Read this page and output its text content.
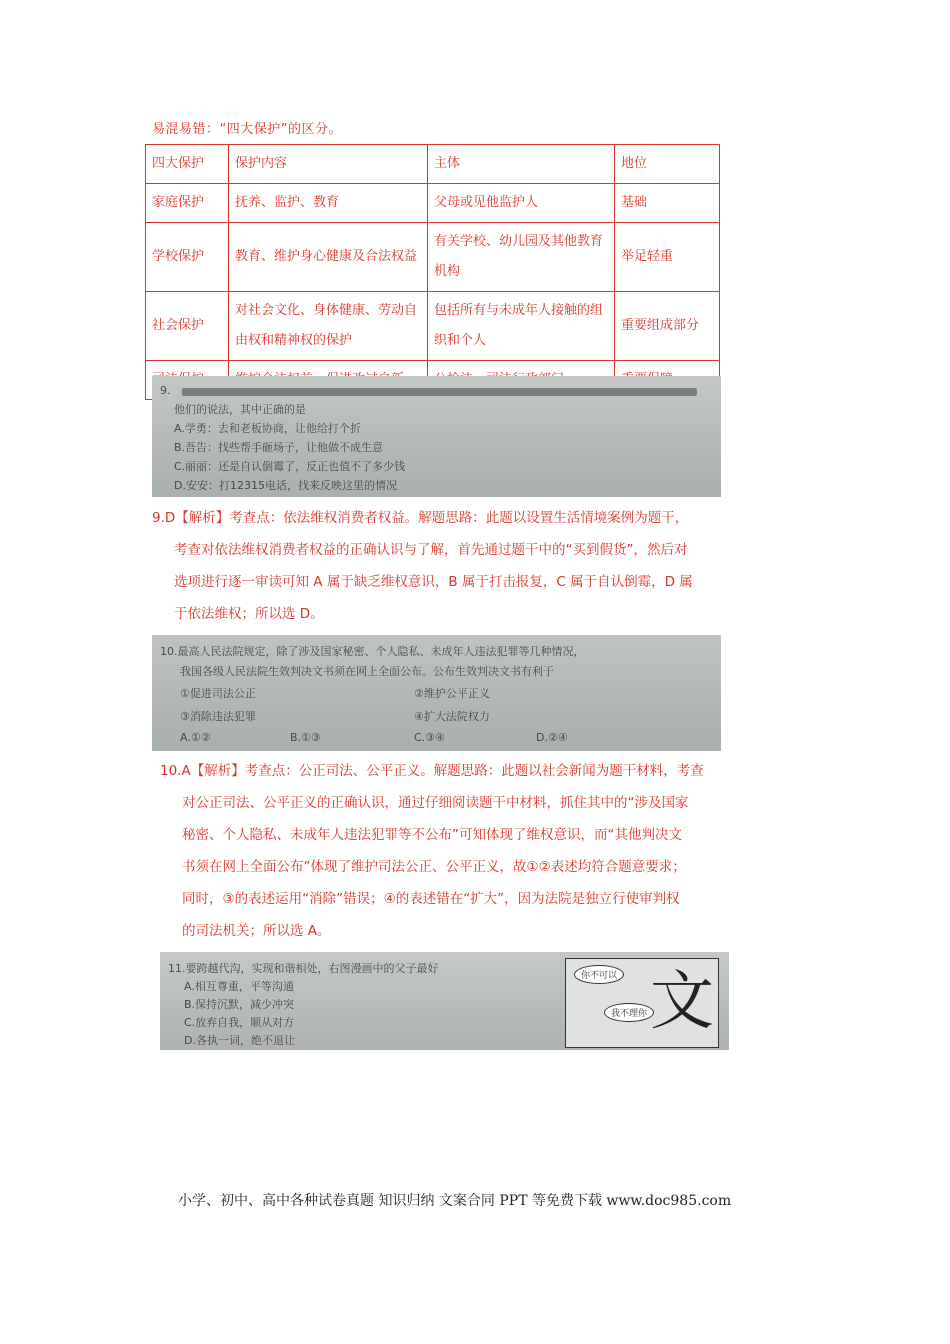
易混易错：“四大保护”的区分。
四大保护	保护内容	主体	地位
家庭保护	抚养、监护、教育	父母或见他监护人	基础
学校保护	教育、维护身心健康及合法权益	有关学校、幼儿园及其他教育机构	举足轻重
社会保护	对社会文化、身体健康、劳动自由权和精神权的保护	包括所有与未成年人接触的组织和个人	重要组成部分

9.
他们的说法，其中正确的是
A.学勇：去和老板协商，让他给打个折
B.吾告：找些帮手砸场子，让他做不成生意
C.丽丽：还是自认倒霉了，反正也值不了多少钱
D.安安：打12315电话，找来反映这里的情况

9.D【解析】考查点：依法维权消费者权益。解题思路：此题以设置生活情境案例为题干，

考查对依法维权消费者权益的正确认识与了解，首先通过题干中的“买到假货”，然后对

选项进行逐一审读可知 A 属于缺乏维权意识，B 属于打击报复，C 属于自认倒霉，D 属

于依法维权；所以选 D。

10.最高人民法院规定，除了涉及国家秘密、个人隐私、未成年人违法犯罪等几种情况，
我国各级人民法院生效判决文书须在网上全面公布。公布生效判决文书有利于
①促进司法公正	②维护公平正义
③消除违法犯罪	④扩大法院权力
A.①②	B.①③	C.③④	D.②④

10.A【解析】考查点：公正司法、公平正义。解题思路：此题以社会新闻为题干材料，考查

对公正司法、公平正义的正确认识，通过仔细阅读题干中材料，抓住其中的“涉及国家

秘密、个人隐私、未成年人违法犯罪等不公布”可知体现了维权意识，而“其他判决文

书须在网上全面公布”体现了维护司法公正、公平正义，故①②表述均符合题意要求；

同时，③的表述运用“消除”错误；④的表述错在“扩大”，因为法院是独立行使审判权

的司法机关；所以选 A。

11.要跨越代沟，实现和谐相处，右图漫画中的父子最好
A.相互尊重，平等沟通
B.保持沉默，减少冲突
C.放弃自我，顺从对方
D.各执一词，绝不退让
你不可以
我不理你 文
小学、初中、高中各种试卷真题 知识归纳 文案合同 PPT 等免费下载 www.doc985.com
